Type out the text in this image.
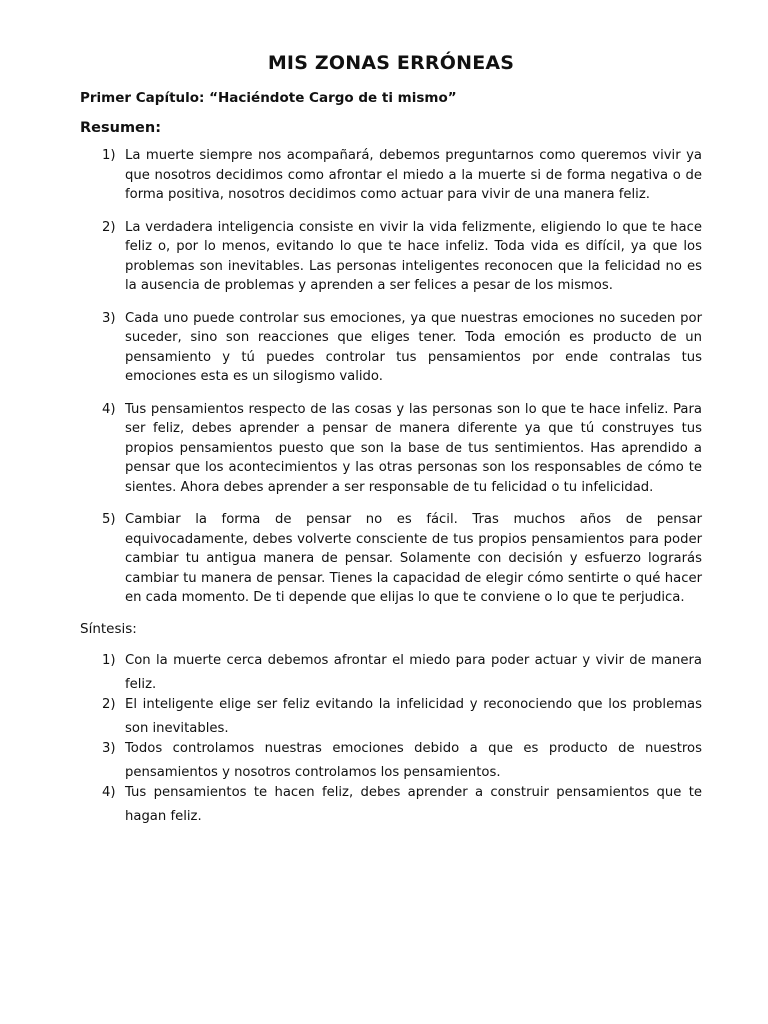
MIS ZONAS ERRÓNEAS
Primer Capítulo: “Haciéndote Cargo de ti mismo”
Resumen:
1) La muerte siempre nos acompañará, debemos preguntarnos como queremos vivir ya que nosotros decidimos como afrontar el miedo a la muerte si de forma negativa o de forma positiva, nosotros decidimos como actuar para vivir de una manera feliz.
2) La verdadera inteligencia consiste en vivir la vida felizmente, eligiendo lo que te hace feliz o, por lo menos, evitando lo que te hace infeliz. Toda vida es difícil, ya que los problemas son inevitables. Las personas inteligentes reconocen que la felicidad no es la ausencia de problemas y aprenden a ser felices a pesar de los mismos.
3) Cada uno puede controlar sus emociones, ya que nuestras emociones no suceden por suceder, sino son reacciones que eliges tener. Toda emoción es producto de un pensamiento y tú puedes controlar tus pensamientos por ende contralas tus emociones esta es un silogismo valido.
4) Tus pensamientos respecto de las cosas y las personas son lo que te hace infeliz. Para ser feliz, debes aprender a pensar de manera diferente ya que tú construyes tus propios pensamientos puesto que son la base de tus sentimientos. Has aprendido a pensar que los acontecimientos y las otras personas son los responsables de cómo te sientes. Ahora debes aprender a ser responsable de tu felicidad o tu infelicidad.
5) Cambiar la forma de pensar no es fácil. Tras muchos años de pensar equivocadamente, debes volverte consciente de tus propios pensamientos para poder cambiar tu antigua manera de pensar. Solamente con decisión y esfuerzo lograrás cambiar tu manera de pensar. Tienes la capacidad de elegir cómo sentirte o qué hacer en cada momento. De ti depende que elijas lo que te conviene o lo que te perjudica.
Síntesis:
1) Con la muerte cerca debemos afrontar el miedo para poder actuar y vivir de manera feliz.
2) El inteligente elige ser feliz evitando la infelicidad y reconociendo que los problemas son inevitables.
3) Todos controlamos nuestras emociones debido a que es producto de nuestros pensamientos y nosotros controlamos los pensamientos.
4) Tus pensamientos te hacen feliz, debes aprender a construir pensamientos que te hagan feliz.
